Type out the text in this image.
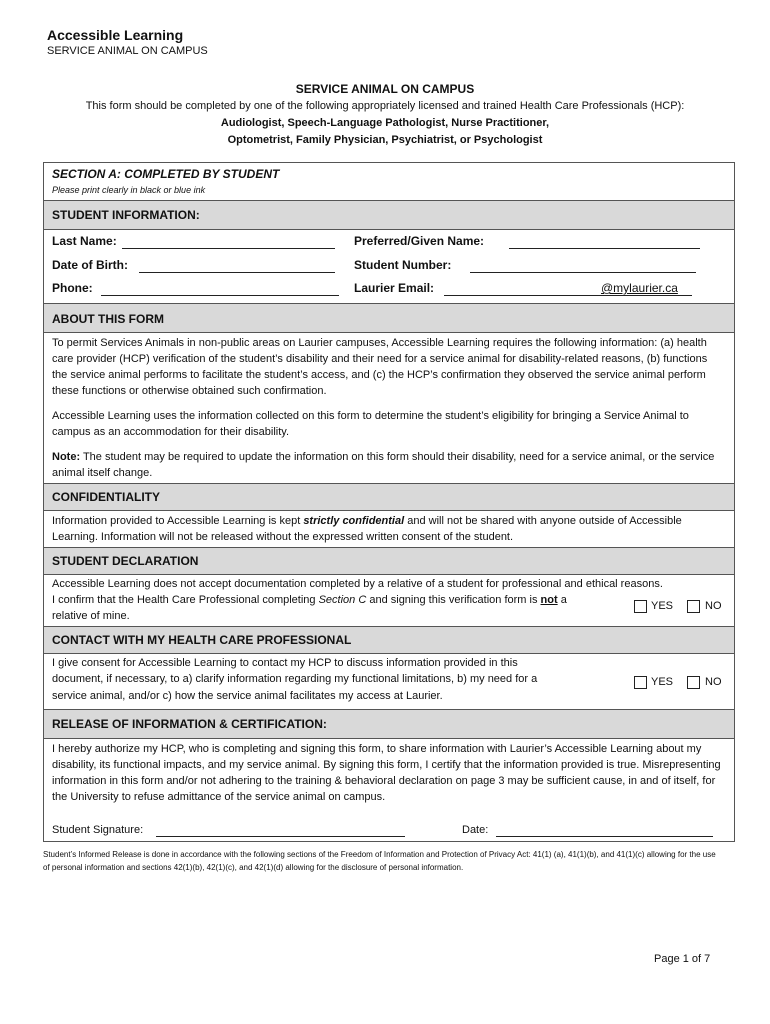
Accessible Learning
SERVICE ANIMAL ON CAMPUS
SERVICE ANIMAL ON CAMPUS
This form should be completed by one of the following appropriately licensed and trained Health Care Professionals (HCP):
Audiologist, Speech-Language Pathologist, Nurse Practitioner,
Optometrist, Family Physician, Psychiatrist, or Psychologist
SECTION A: COMPLETED BY STUDENT
Please print clearly in black or blue ink
STUDENT INFORMATION:
Last Name:	Preferred/Given Name:
Date of Birth:	Student Number:
Phone:	Laurier Email:	@mylaurier.ca
ABOUT THIS FORM
To permit Services Animals in non-public areas on Laurier campuses, Accessible Learning requires the following information: (a) health care provider (HCP) verification of the student’s disability and their need for a service animal for disability-related reasons, (b) functions the service animal performs to facilitate the student’s access, and (c) the HCP’s confirmation they observed the service animal perform these functions or otherwise obtained such confirmation.
Accessible Learning uses the information collected on this form to determine the student’s eligibility for bringing a Service Animal to campus as an accommodation for their disability.
Note: The student may be required to update the information on this form should their disability, need for a service animal, or the service animal itself change.
CONFIDENTIALITY
Information provided to Accessible Learning is kept strictly confidential and will not be shared with anyone outside of Accessible Learning. Information will not be released without the expressed written consent of the student.
STUDENT DECLARATION
Accessible Learning does not accept documentation completed by a relative of a student for professional and ethical reasons.
I confirm that the Health Care Professional completing Section C and signing this verification form is not a
relative of mine.
YES	NO
CONTACT WITH MY HEALTH CARE PROFESSIONAL
I give consent for Accessible Learning to contact my HCP to discuss information provided in this
document, if necessary, to a) clarify information regarding my functional limitations, b) my need for a
service animal, and/or c) how the service animal facilitates my access at Laurier.
YES	NO
RELEASE OF INFORMATION & CERTIFICATION:
I hereby authorize my HCP, who is completing and signing this form, to share information with Laurier’s Accessible Learning about my disability, its functional impacts, and my service animal. By signing this form, I certify that the information provided is true. Misrepresenting information in this form and/or not adhering to the training & behavioral declaration on page 3 may be sufficient cause, in and of itself, for the University to refuse admittance of the service animal on campus.
Student Signature:	Date:
Student’s Informed Release is done in accordance with the following sections of the Freedom of Information and Protection of Privacy Act: 41(1) (a), 41(1)(b), and 41(1)(c) allowing for the use of personal information and sections 42(1)(b), 42(1)(c), and 42(1)(d) allowing for the disclosure of personal information.
Page 1 of 7
